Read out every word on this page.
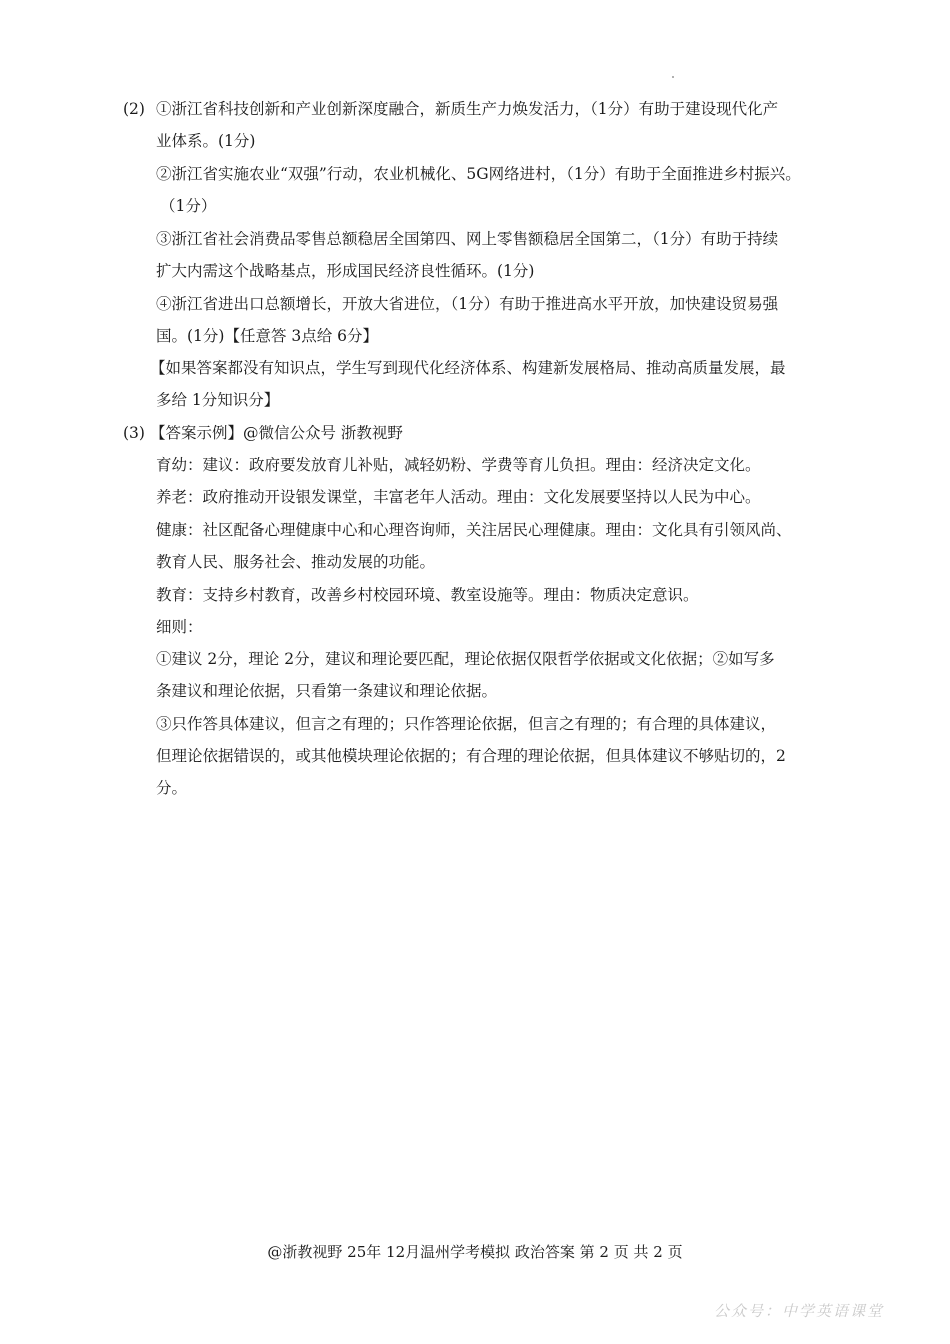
(2) ①浙江省科技创新和产业创新深度融合，新质生产力焕发活力，（1分）有助于建设现代化产
业体系。(1分)
②浙江省实施农业“双强”行动，农业机械化、5G网络进村，（1分）有助于全面推进乡村振兴。
（1分）
③浙江省社会消费品零售总额稳居全国第四、网上零售额稳居全国第二，（1分）有助于持续
扩大内需这个战略基点，形成国民经济良性循环。(1分)
④浙江省进出口总额增长，开放大省进位，（1分）有助于推进高水平开放，加快建设贸易强
国。(1分)【任意答 3点给 6分】
【如果答案都没有知识点，学生写到现代化经济体系、构建新发展格局、推动高质量发展，最
多给 1分知识分】
(3) 【答案示例】@微信公众号 浙教视野
育幼：建议：政府要发放育儿补贴，减轻奶粉、学费等育儿负担。理由：经济决定文化。
养老：政府推动开设银发课堂，丰富老年人活动。理由：文化发展要坚持以人民为中心。
健康：社区配备心理健康中心和心理咨询师，关注居民心理健康。理由：文化具有引领风尚、
教育人民、服务社会、推动发展的功能。
教育：支持乡村教育，改善乡村校园环境、教室设施等。理由：物质决定意识。
细则：
①建议 2分，理论 2分，建议和理论要匹配，理论依据仅限哲学依据或文化依据；②如写多
条建议和理论依据，只看第一条建议和理论依据。
③只作答具体建议，但言之有理的；只作答理论依据，但言之有理的；有合理的具体建议，
但理论依据错误的，或其他模块理论依据的；有合理的理论依据，但具体建议不够贴切的，2
分。
@浙教视野 25年 12月温州学考模拟 政治答案 第 2 页 共 2 页
公众号：中学英语课堂
